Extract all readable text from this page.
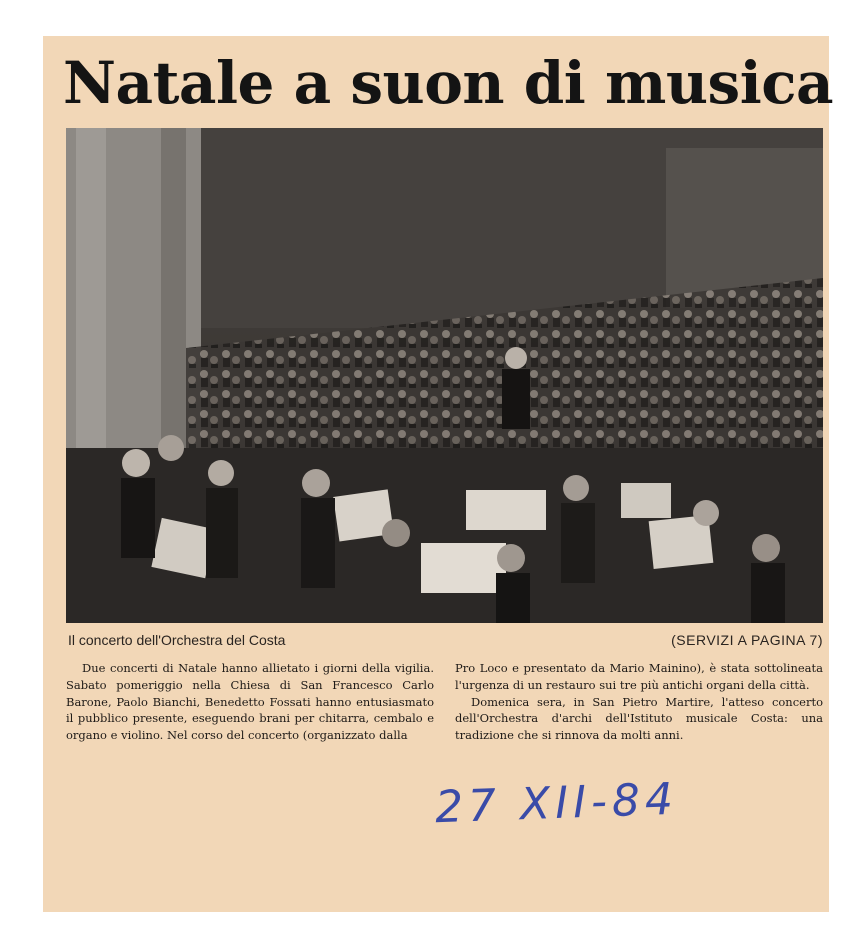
Natale a suon di musica
Il concerto dell'Orchestra del Costa	(SERVIZI A PAGINA 7)

Due concerti di Natale hanno allietato i giorni della vigilia. Sabato pomeriggio nella Chiesa di San Francesco Carlo Barone, Paolo Bianchi, Benedetto Fossati hanno entusiasmato il pubblico presente, eseguendo brani per chitarra, cembalo e organo e violino. Nel corso del concerto (organizzato dalla

Pro Loco e presentato da Mario Mainino), è stata sottolineata l'urgenza di un restauro sui tre più antichi organi della città.

Domenica sera, in San Pietro Martire, l'atteso concerto dell'Orchestra d'archi dell'Istituto musicale Costa: una tradizione che si rinnova da molti anni.

27 XII-84
